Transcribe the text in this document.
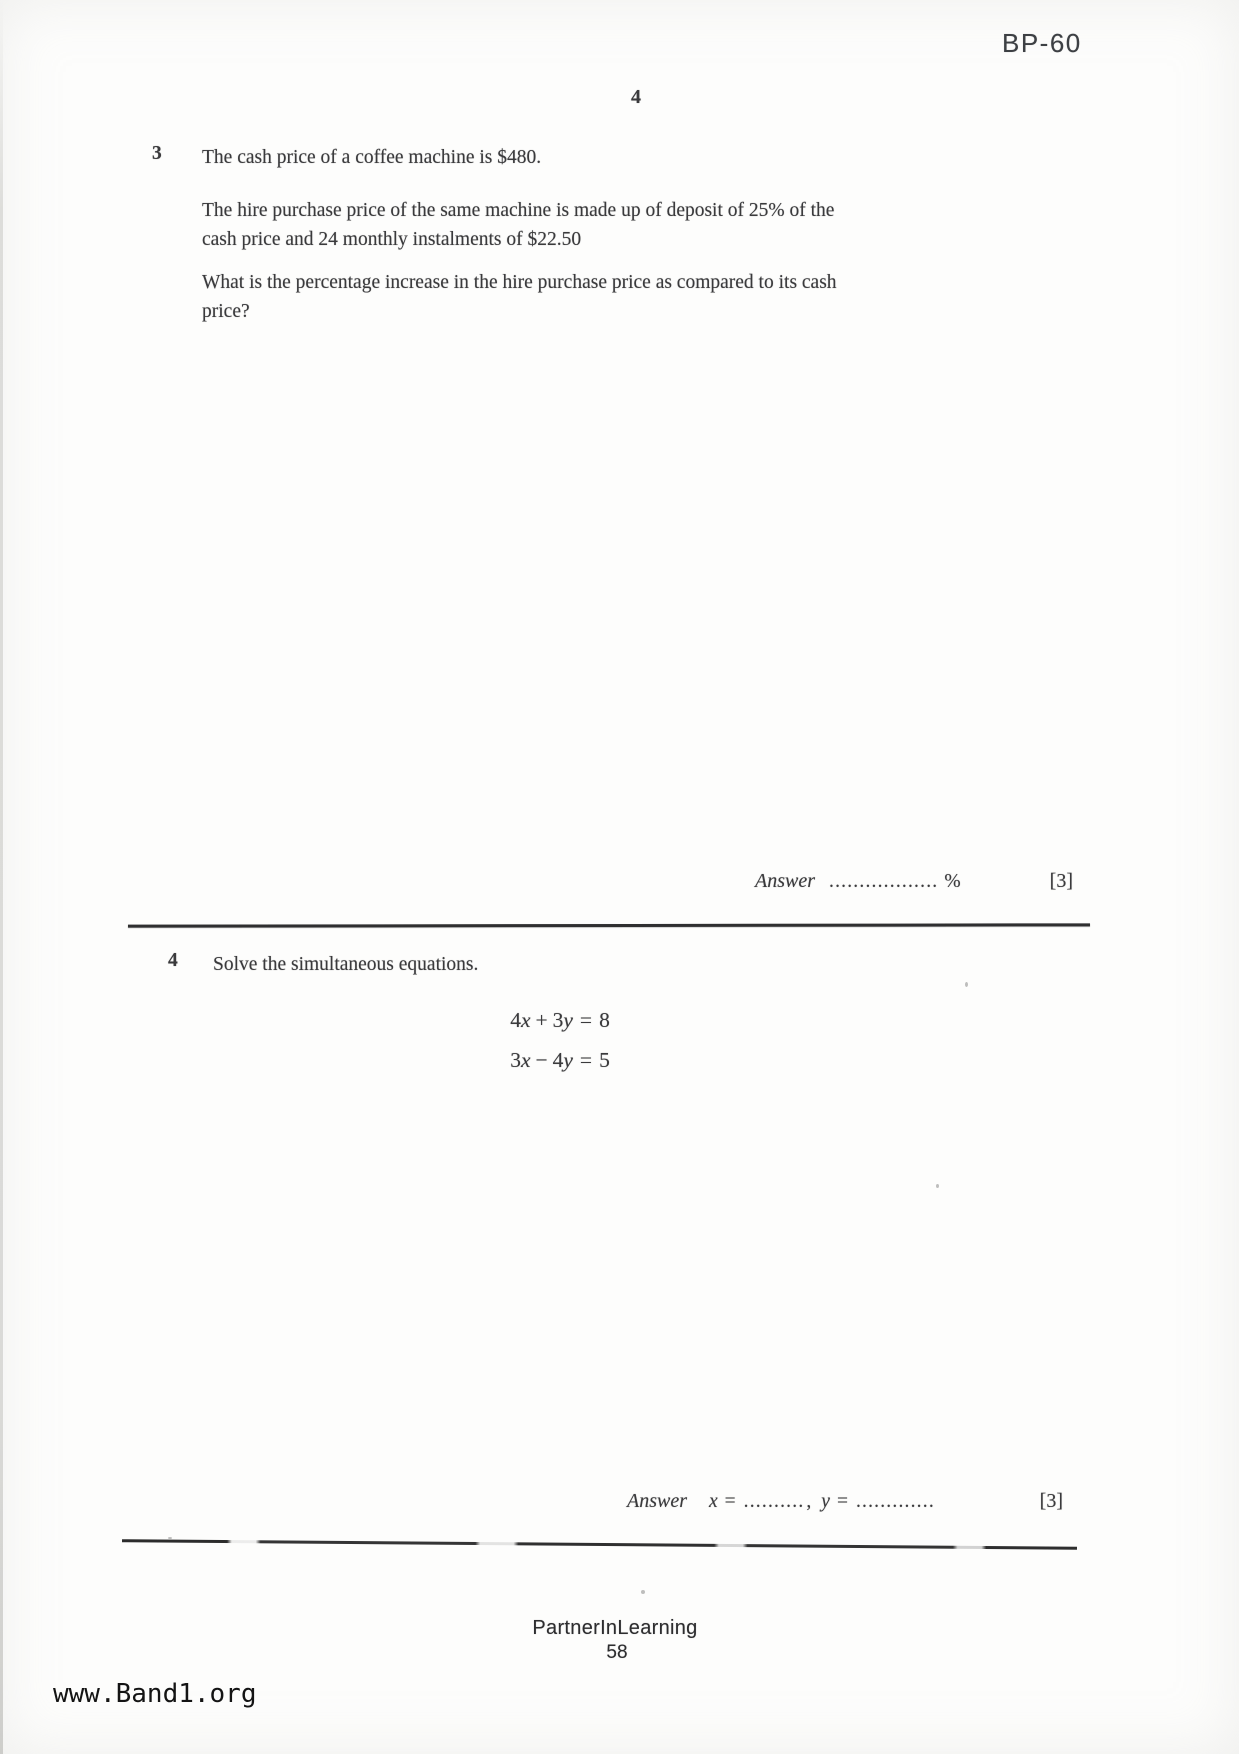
BP-60
4
3 The cash price of a coffee machine is $480.
The hire purchase price of the same machine is made up of deposit of 25% of the
cash price and 24 monthly instalments of $22.50
What is the percentage increase in the hire purchase price as compared to its cash
price?
Answer .................. %	[3]
4 Solve the simultaneous equations.
4x + 3y = 8
3x − 4y = 5
Answer x = .......... , y = .............	[3]
PartnerInLearning
58
www.Band1.org
